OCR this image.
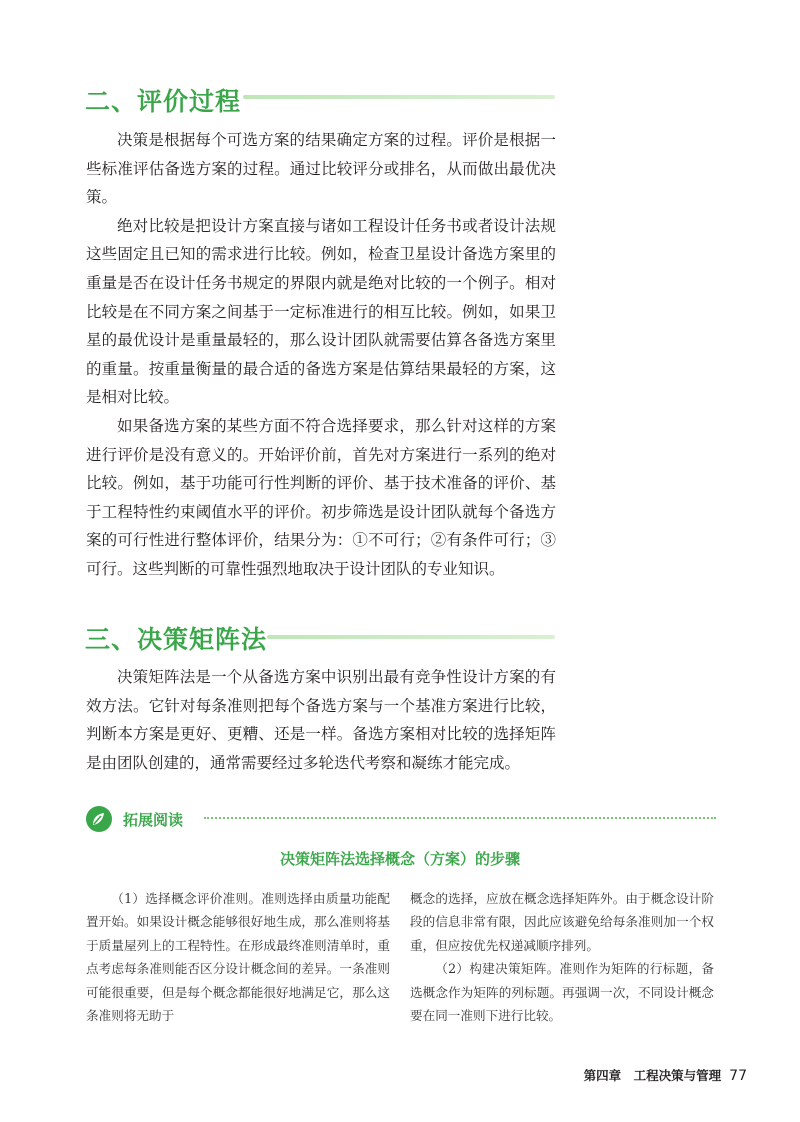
二、评价过程

决策是根据每个可选方案的结果确定方案的过程。评价是根据一些标准评估备选方案的过程。通过比较评分或排名，从而做出最优决策。

绝对比较是把设计方案直接与诸如工程设计任务书或者设计法规这些固定且已知的需求进行比较。例如，检查卫星设计备选方案里的重量是否在设计任务书规定的界限内就是绝对比较的一个例子。相对比较是在不同方案之间基于一定标准进行的相互比较。例如，如果卫星的最优设计是重量最轻的，那么设计团队就需要估算各备选方案里的重量。按重量衡量的最合适的备选方案是估算结果最轻的方案，这是相对比较。

如果备选方案的某些方面不符合选择要求，那么针对这样的方案进行评价是没有意义的。开始评价前，首先对方案进行一系列的绝对比较。例如，基于功能可行性判断的评价、基于技术准备的评价、基于工程特性约束阈值水平的评价。初步筛选是设计团队就每个备选方案的可行性进行整体评价，结果分为：①不可行；②有条件可行；③可行。这些判断的可靠性强烈地取决于设计团队的专业知识。

三、决策矩阵法

决策矩阵法是一个从备选方案中识别出最有竞争性设计方案的有效方法。它针对每条准则把每个备选方案与一个基准方案进行比较，判断本方案是更好、更糟、还是一样。备选方案相对比较的选择矩阵是由团队创建的，通常需要经过多轮迭代考察和凝练才能完成。

拓展阅读
决策矩阵法选择概念（方案）的步骤

（1）选择概念评价准则。准则选择由质量功能配置开始。如果设计概念能够很好地生成，那么准则将基于质量屋列上的工程特性。在形成最终准则清单时，重点考虑每条准则能否区分设计概念间的差异。一条准则可能很重要，但是每个概念都能很好地满足它，那么这条准则将无助于

概念的选择，应放在概念选择矩阵外。由于概念设计阶段的信息非常有限，因此应该避免给每条准则加一个权重，但应按优先权递减顺序排列。

（2）构建决策矩阵。准则作为矩阵的行标题，备选概念作为矩阵的列标题。再强调一次，不同设计概念要在同一准则下进行比较。

第四章　工程决策与管理 77
